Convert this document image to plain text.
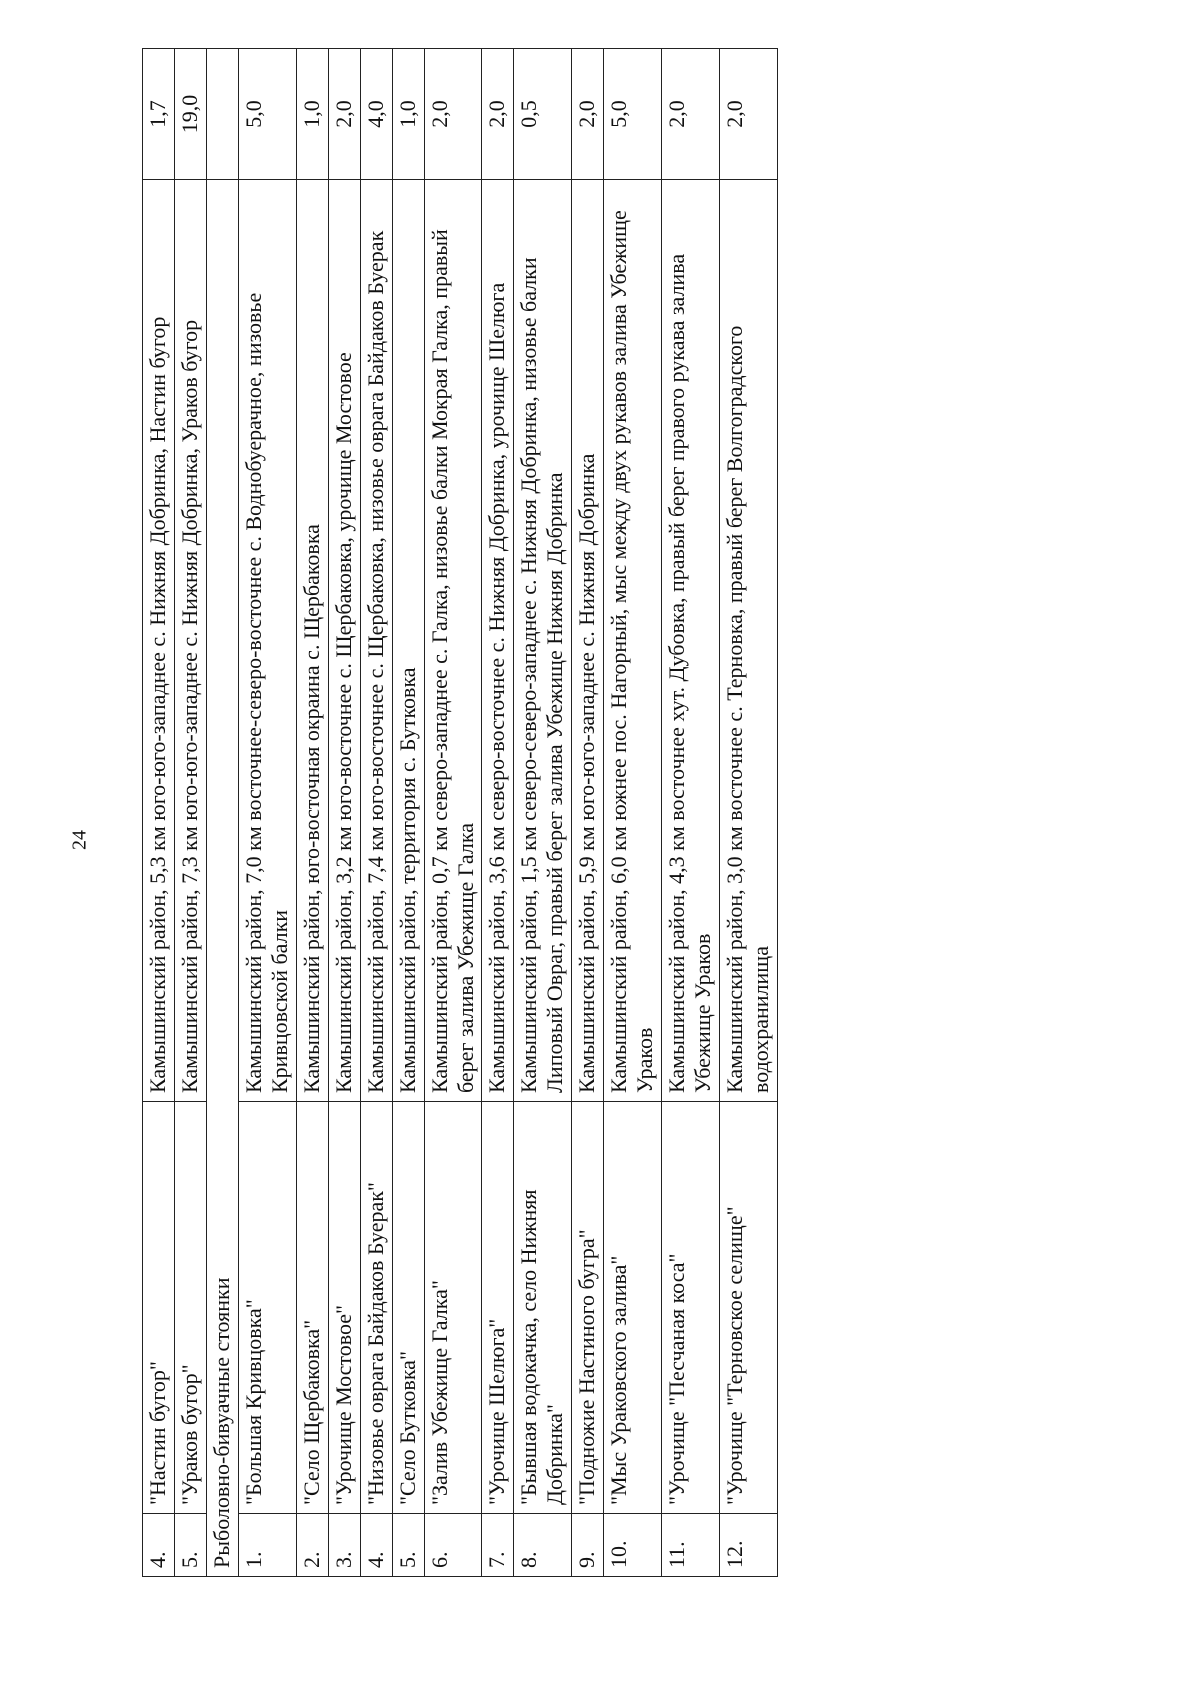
24
4.	"Настин бугор"	Камышинский район, 5,3 км юго-юго-западнее с. Нижняя Добринка, Настин бугор	1,7
5.	"Ураков бугор"	Камышинский район, 7,3 км юго-юго-западнее с. Нижняя Добринка, Ураков бугор	19,0
Рыболовно-бивуачные стоянки			
1.	"Большая Кривцовка"	Камышинский район, 7,0 км восточнее-северо-восточнее с. Воднобуерачное, низовье Кривцовской балки	5,0
2.	"Село Щербаковка"	Камышинский район, юго-восточная окраина с. Щербаковка	1,0
3.	"Урочище Мостовое"	Камышинский район, 3,2 км юго-восточнее с. Щербаковка, урочище Мостовое	2,0
4.	"Низовье оврага Байдаков Буерак"	Камышинский район, 7,4 км юго-восточнее с. Щербаковка, низовье оврага Байдаков Буерак	4,0
5.	"Село Бутковка"	Камышинский район, территория с. Бутковка	1,0
6.	"Залив Убежище Галка"	Камышинский район, 0,7 км северо-западнее с. Галка, низовье балки Мокрая Галка, правый берег залива Убежище Галка	2,0
7.	"Урочище Шелюга"	Камышинский район, 3,6 км северо-восточнее с. Нижняя Добринка, урочище Шелюга	2,0
8.	"Бывшая водокачка, село Нижняя Добринка"	Камышинский район, 1,5 км северо-северо-западнее с. Нижняя Добринка, низовье балки Липовый Овраг, правый берег залива Убежище Нижняя Добринка	0,5
9.	"Подножие Настиного бугра"	Камышинский район, 5,9 км юго-юго-западнее с. Нижняя Добринка	2,0
10.	"Мыс Ураковского залива"	Камышинский район, 6,0 км южнее пос. Нагорный, мыс между двух рукавов залива Убежище Ураков	5,0
11.	"Урочище "Песчаная коса"	Камышинский район, 4,3 км восточнее хут. Дубовка, правый берег правого рукава залива Убежище Ураков	2,0
12.	"Урочище "Терновское селище"	Камышинский район, 3,0 км восточнее с. Терновка, правый берег Волгоградского водохранилища	2,0
